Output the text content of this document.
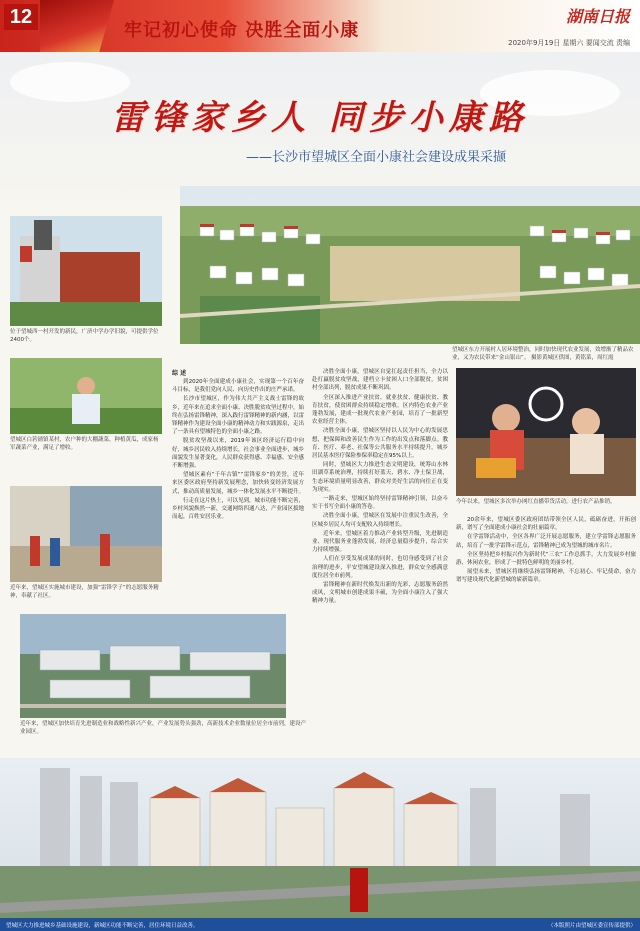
12
牢记初心使命 决胜全面小康
湖南日报
2020年9月19日 星期六 要闻交流 责编
雷锋家乡人 同步小康路
——长沙市望城区全面小康社会建设成果采撷
望城区东方开展村人居环境整治，同时加快现代农业发展，效增渐了精品农业，又为农民带来“金山银山”。 摄影黄城区供图，黄铭菜，周红霞
位于望城西一村开发的新民，广济中学办学旧貌，可提供学位2400个。
望城区白箬铺镇某村，农户种的大棚蔬菜，种植黄瓜，成家杨军蔬菜产业，满足了增收。
近年来，望城区实施城市建设，加强“雷锋学子”的志愿服务精神，奉献了社区。

综 述

到2020年全面建成小康社会，实现第一个百年奋斗目标，是我们党向人民、向历史作出的庄严承诺。

长沙市望城区，作为伟大共产主义战士雷锋的故乡，近年来在追求全面小康、决胜脱贫攻坚过程中，始终在弘扬雷锋精神，深入践行雷锋精神的新内涵，以雷锋精神作为建设全面小康的精神动力和实践源泉，走出了一条具有望城特色的全面小康之路。

脱贫攻坚战以来，2019年该区经济运行稳中向好，城乡居民收入持续增长，社会事业全面进步，城乡面貌发生显著变化，人民群众获得感、幸福感、安全感不断增强。

望城区素有“千年古镇”“雷锋家乡”的美誉，近年来区委区政府坚持新发展理念，加快转变经济发展方式，推动高质量发展，城乡一体化发展水平不断提升。

行走在这片热土，可以见到，城市功能不断完善，乡村风貌焕然一新，交通网络四通八达，产业园区拔地而起，百姓安居乐业。

决胜全面小康，望城区自觉扛起责任担当，全力以赴打赢脱贫攻坚战，建档立卡贫困人口全部脱贫，贫困村全部出列，脱贫成果不断巩固。

全区深入推进产业扶贫、就业扶贫、健康扶贫、教育扶贫，使贫困群众持续稳定增收。区内特色农业产业蓬勃发展，建成一批现代农业产业园，培育了一批新型农业经营主体。

决胜全面小康，望城区坚持以人民为中心的发展思想，把保障和改善民生作为工作的出发点和落脚点。教育、医疗、养老、社保等公共服务水平持续提升，城乡居民基本医疗保险参保率稳定在95%以上。

同时，望城区大力推进生态文明建设，统筹山水林田湖草系统治理，持续打好蓝天、碧水、净土保卫战，生态环境质量明显改善，群众对美好生活的向往正在变为现实。

一路走来，望城区始终坚持雷锋精神引领，以奋斗实干书写全面小康的答卷。

决胜全面小康，望城区在发展中注重民生改善，全区城乡居民人均可支配收入持续增长。

近年来，望城区着力推动产业转型升级，先进制造业、现代服务业蓬勃发展，经济总量稳步提升，综合实力持续增强。

人们在享受发展成果的同时，也切身感受到了社会治理的进步，平安望城建设深入推进，群众安全感满意度位居全市前列。

雷锋精神在新时代焕发出新的光彩，志愿服务蔚然成风，文明城市创建成果丰硕，为全面小康注入了强大精神力量。

今年以来，望城区多次举办网红直播带货活动，进行农产品推销。

20余年来，望城区委区政府团结带领全区人民，砥砺奋进，开拓创新，谱写了全面建成小康社会的壮丽篇章。

在学雷锋活动中，全区各界广泛开展志愿服务，建立学雷锋志愿服务站，培育了一批学雷锋示范点，雷锋精神已成为望城的城市名片。

全区坚持把乡村振兴作为新时代“三农”工作总抓手，大力发展乡村旅游、休闲农业，形成了一批特色鲜明的美丽乡村。

展望未来，望城区将继续弘扬雷锋精神，不忘初心、牢记使命，奋力谱写建设现代化新望城的崭新篇章。

近年来，望城区加快培育先进制造业和战略性新兴产业，产业发展势头强劲，高新技术企业数量位居全市前列，建设产业园区。
望城区大力推进城乡基础设施建设，新城区功能不断完善，居住环境日益改善。	（本版照片由望城区委宣传部提供）
